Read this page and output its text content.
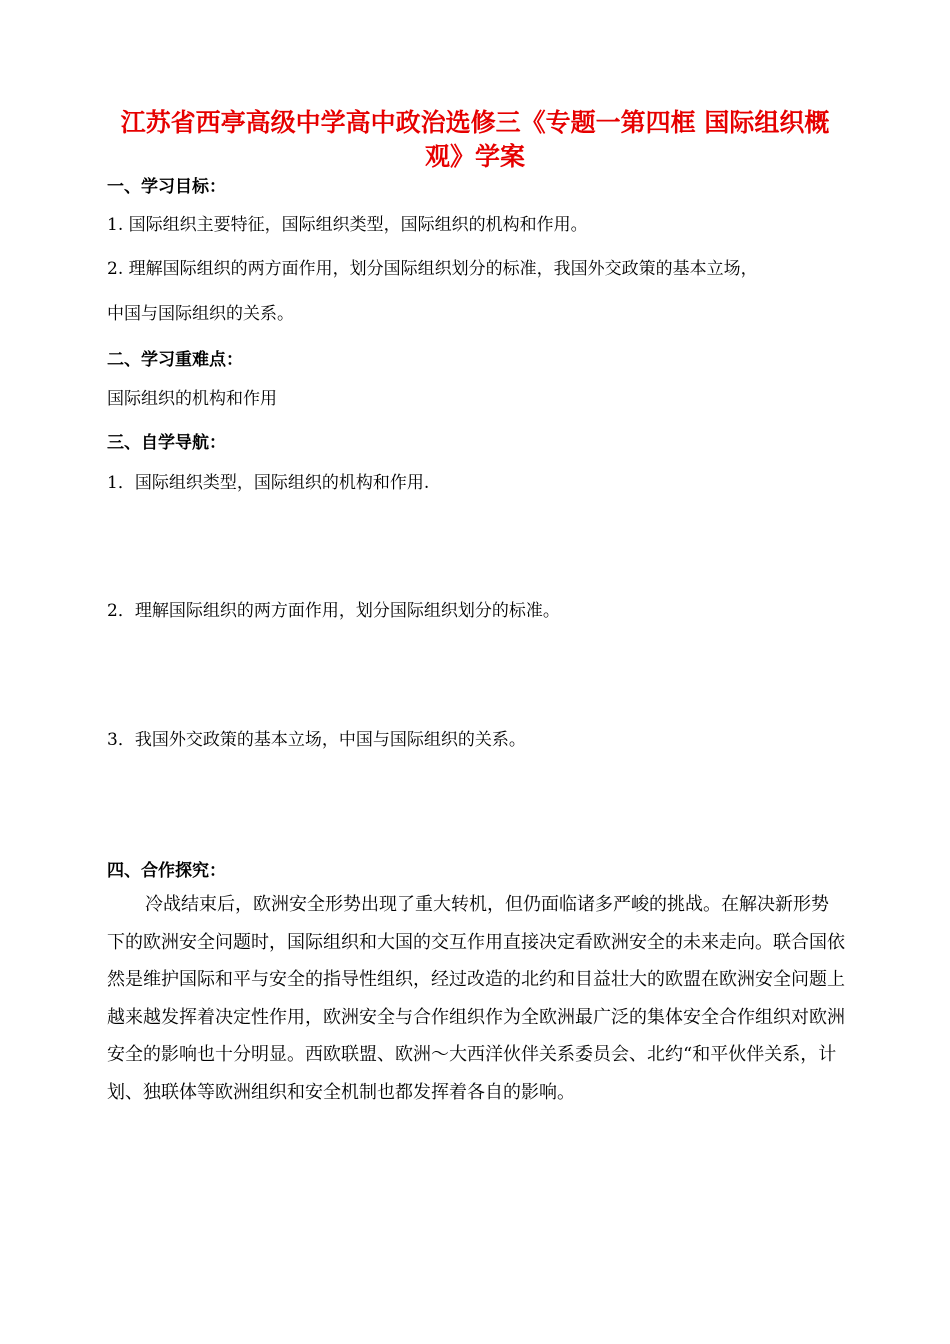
江苏省西亭高级中学高中政治选修三《专题一第四框 国际组织概
观》学案
一、学习目标：
1. 国际组织主要特征，国际组织类型，国际组织的机构和作用。
2. 理解国际组织的两方面作用，划分国际组织划分的标准，我国外交政策的基本立场，
中国与国际组织的关系。
二、学习重难点：
国际组织的机构和作用
三、自学导航：
1．国际组织类型，国际组织的机构和作用.
2．理解国际组织的两方面作用，划分国际组织划分的标准。
3．我国外交政策的基本立场，中国与国际组织的关系。
四、合作探究：
冷战结束后，欧洲安全形势出现了重大转机，但仍面临诸多严峻的挑战。在解决新形势下的欧洲安全问题时，国际组织和大国的交互作用直接决定看欧洲安全的未来走向。联合国依然是维护国际和平与安全的指导性组织，经过改造的北约和目益壮大的欧盟在欧洲安全问题上越来越发挥着决定性作用，欧洲安全与合作组织作为全欧洲最广泛的集体安全合作组织对欧洲安全的影响也十分明显。西欧联盟、欧洲～大西洋伙伴关系委员会、北约“和平伙伴关系，计划、独联体等欧洲组织和安全机制也都发挥着各自的影响。
